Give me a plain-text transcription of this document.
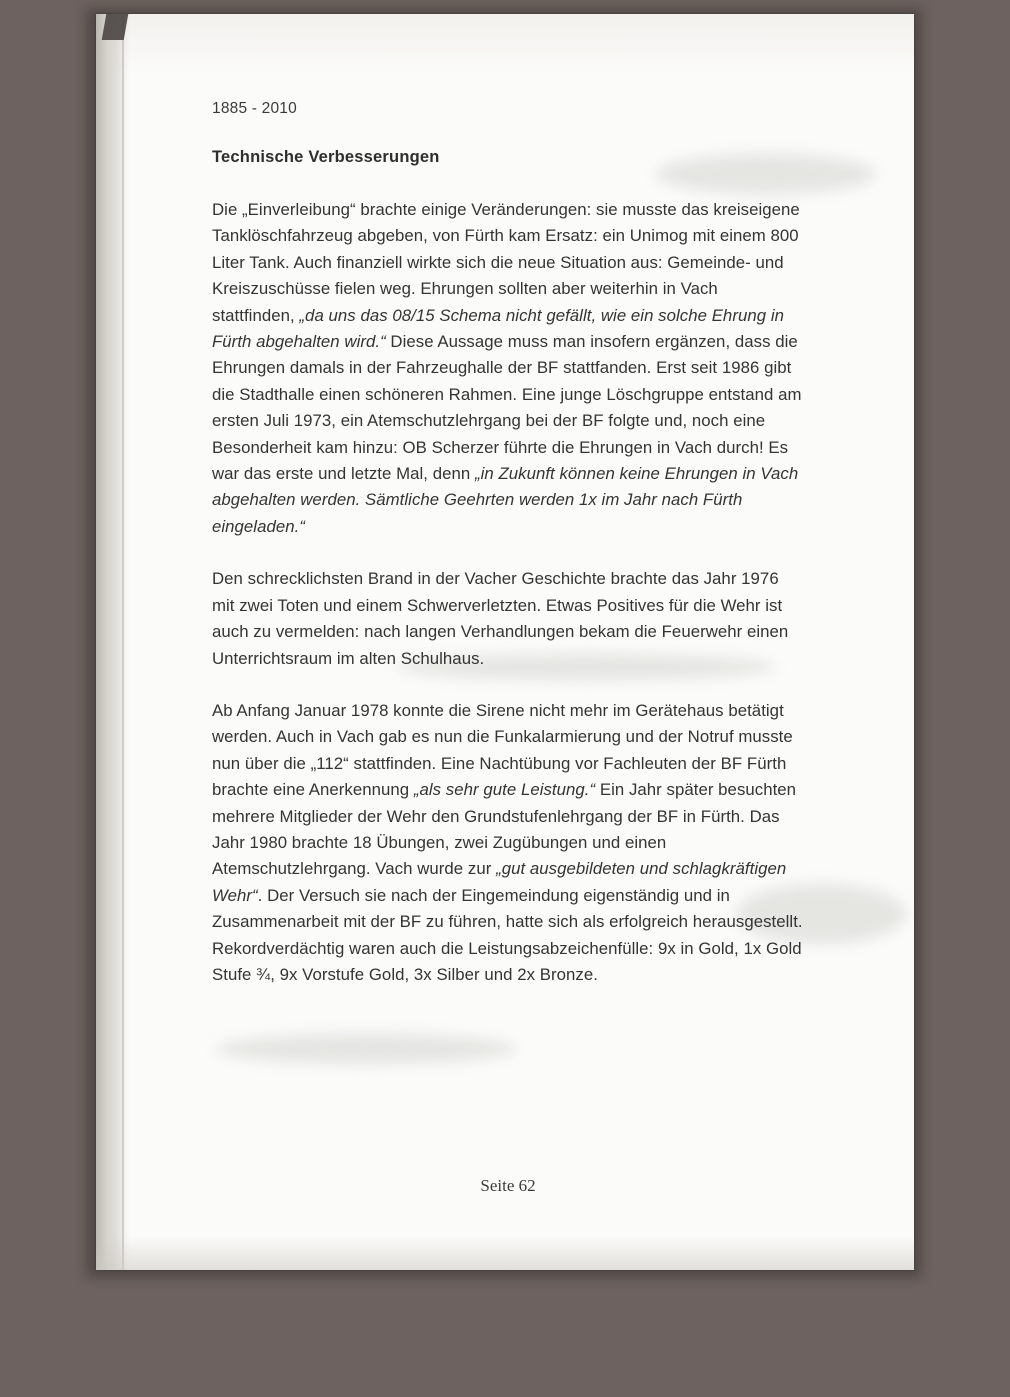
1885 - 2010
Technische Verbesserungen

Die „Einverleibung“ brachte einige Veränderungen: sie musste das kreiseigene Tanklöschfahrzeug abgeben, von Fürth kam Ersatz: ein Unimog mit einem 800 Liter Tank. Auch finanziell wirkte sich die neue Situation aus: Gemeinde- und Kreiszuschüsse fielen weg. Ehrungen sollten aber weiterhin in Vach stattfinden, „da uns das 08/15 Schema nicht gefällt, wie ein solche Ehrung in Fürth abgehalten wird.“ Diese Aussage muss man insofern ergänzen, dass die Ehrungen damals in der Fahrzeughalle der BF stattfanden. Erst seit 1986 gibt die Stadthalle einen schöneren Rahmen. Eine junge Löschgruppe entstand am ersten Juli 1973, ein Atemschutzlehrgang bei der BF folgte und, noch eine Besonderheit kam hinzu: OB Scherzer führte die Ehrungen in Vach durch! Es war das erste und letzte Mal, denn „in Zukunft können keine Ehrungen in Vach abgehalten werden. Sämtliche Geehrten werden 1x im Jahr nach Fürth eingeladen.“

Den schrecklichsten Brand in der Vacher Geschichte brachte das Jahr 1976 mit zwei Toten und einem Schwerverletzten. Etwas Positives für die Wehr ist auch zu vermelden: nach langen Verhandlungen bekam die Feuerwehr einen Unterrichtsraum im alten Schulhaus.

Ab Anfang Januar 1978 konnte die Sirene nicht mehr im Gerätehaus betätigt werden. Auch in Vach gab es nun die Funkalarmierung und der Notruf musste nun über die „112“ stattfinden. Eine Nachtübung vor Fachleuten der BF Fürth brachte eine Anerkennung „als sehr gute Leistung.“ Ein Jahr später besuchten mehrere Mitglieder der Wehr den Grundstufenlehrgang der BF in Fürth. Das Jahr 1980 brachte 18 Übungen, zwei Zugübungen und einen Atemschutzlehrgang. Vach wurde zur „gut ausgebildeten und schlagkräftigen Wehr“. Der Versuch sie nach der Eingemeindung eigenständig und in Zusammenarbeit mit der BF zu führen, hatte sich als erfolgreich herausgestellt. Rekordverdächtig waren auch die Leistungsabzeichenfülle: 9x in Gold, 1x Gold Stufe ¾, 9x Vorstufe Gold, 3x Silber und 2x Bronze.

Seite 62
